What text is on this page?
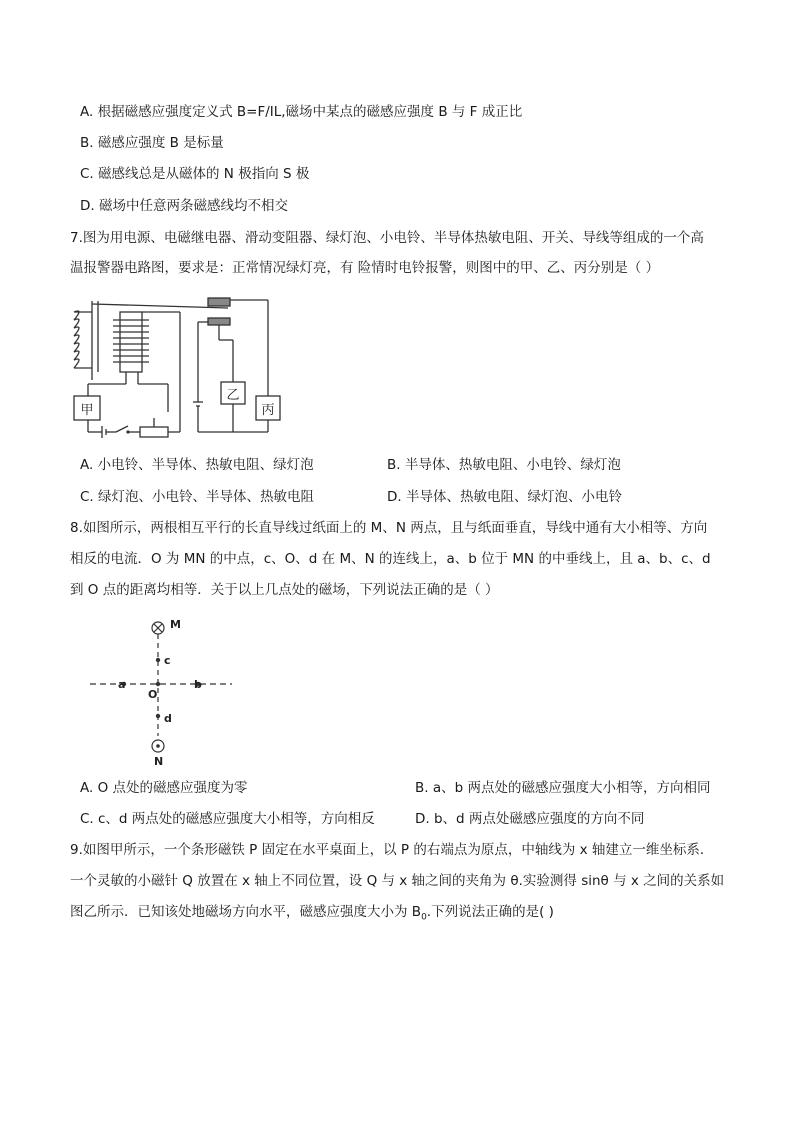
A. 根据磁感应强度定义式 B=F/IL,磁场中某点的磁感应强度 B 与 F 成正比
B. 磁感应强度 B 是标量
C. 磁感线总是从磁体的 N 极指向 S 极
D. 磁场中任意两条磁感线均不相交
7.图为用电源、电磁继电器、滑动变阻器、绿灯泡、小电铃、半导体热敏电阻、开关、导线等组成的一个高
温报警器电路图，要求是：正常情况绿灯亮，有 险情时电铃报警，则图中的甲、乙、丙分别是（ ）
甲
乙
丙
A. 小电铃、半导体、热敏电阻、绿灯泡	B. 半导体、热敏电阻、小电铃、绿灯泡
C. 绿灯泡、小电铃、半导体、热敏电阻	D. 半导体、热敏电阻、绿灯泡、小电铃
8.如图所示，两根相互平行的长直导线过纸面上的 M、N 两点，且与纸面垂直，导线中通有大小相等、方向
相反的电流．O 为 MN 的中点，c、O、d 在 M、N 的连线上，a、b 位于 MN 的中垂线上，且 a、b、c、d
到 O 点的距离均相等．关于以上几点处的磁场，下列说法正确的是（ ）
M
N
c
d
a	b
O
A. O 点处的磁感应强度为零	B. a、b 两点处的磁感应强度大小相等，方向相同
C. c、d 两点处的磁感应强度大小相等，方向相反	D. b、d 两点处磁感应强度的方向不同
9.如图甲所示，一个条形磁铁 P 固定在水平桌面上，以 P 的右端点为原点，中轴线为 x 轴建立一维坐标系．
一个灵敏的小磁针 Q 放置在 x 轴上不同位置，设 Q 与 x 轴之间的夹角为 θ.实验测得 sinθ 与 x 之间的关系如
图乙所示．已知该处地磁场方向水平，磁感应强度大小为 $B_0$.下列说法正确的是( )
